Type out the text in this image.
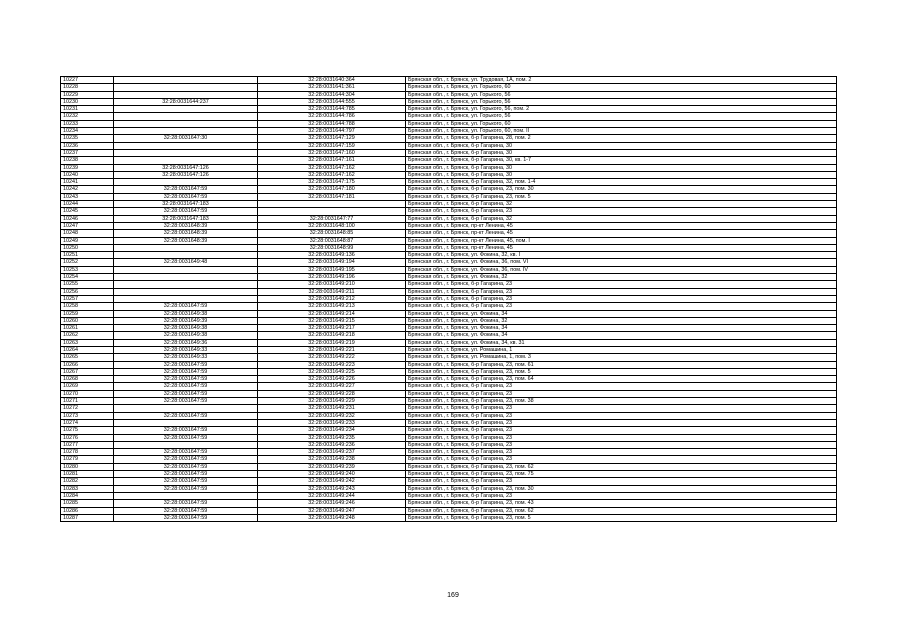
10227		32:28:0031640:364	Брянская обл., г. Брянск, ул. Трудовая, 1А, пом. 2
10228		32:28:0031641:361	Брянская обл., г. Брянск, ул. Горького, 60
10229		32:28:0031644:304	Брянская обл., г. Брянск, ул. Горького, 56
10230	32:28:0031644:237	32:28:0031644:555	Брянская обл., г. Брянск, ул. Горького, 56
10231		32:28:0031644:785	Брянская обл., г. Брянск, ул. Горького, 56, пом. 2
10232		32:28:0031644:786	Брянская обл., г. Брянск, ул. Горького, 56
10233		32:28:0031644:788	Брянская обл., г. Брянск, ул. Горького, 60
10234		32:28:0031644:797	Брянская обл., г. Брянск, ул. Горького, 60, пом. II
10235	32:28:0031647:30	32:28:0031647:129	Брянская обл., г. Брянск, б-р Гагарина, 28, пом. 2
10236		32:28:0031647:159	Брянская обл., г. Брянск, б-р Гагарина, 30
10237		32:28:0031647:160	Брянская обл., г. Брянск, б-р Гагарина, 30
10238		32:28:0031647:161	Брянская обл., г. Брянск, б-р Гагарина, 30, кв. 1-7
10239	32:28:0031647:126	32:28:0031647:162	Брянская обл., г. Брянск, б-р Гагарина, 30
10240	32:28:0031647:126	32:28:0031647:162	Брянская обл., г. Брянск, б-р Гагарина, 30
10241		32:28:0031647:175	Брянская обл., г. Брянск, б-р Гагарина, 32, пом. 1-4
10242	32:28:0031647:59	32:28:0031647:180	Брянская обл., г. Брянск, б-р Гагарина, 23, пом. 30
10243	32:28:0031647:59	32:28:0031647:181	Брянская обл., г. Брянск, б-р Гагарина, 23, пом. 5
10244	32:28:0031647:183		Брянская обл., г. Брянск, б-р Гагарина, 32
10245	32:28:0031647:59		Брянская обл., г. Брянск, б-р Гагарина, 23
10246	32:28:0031647:183	32:28:0031647:77	Брянская обл., г. Брянск, б-р Гагарина, 32
10247	32:28:0031648:39	32:28:0031648:100	Брянская обл., г. Брянск, пр-кт Ленина, 45
10248	32:28:0031648:39	32:28:0031648:85	Брянская обл., г. Брянск, пр-кт Ленина, 45
10249	32:28:0031648:39	32:28:0031648:87	Брянская обл., г. Брянск, пр-кт Ленина, 45, пом. I
10250		32:28:0031648:99	Брянская обл., г. Брянск, пр-кт Ленина, 45
10251		32:28:0031649:136	Брянская обл., г. Брянск, ул. Фокина, 32, кв. I
10252	32:28:0031649:48	32:28:0031649:194	Брянская обл., г. Брянск, ул. Фокина, 36, пом. VI
10253		32:28:0031649:195	Брянская обл., г. Брянск, ул. Фокина, 36, пом. IV
10254		32:28:0031649:196	Брянская обл., г. Брянск, ул. Фокина, 32
10255		32:28:0031649:210	Брянская обл., г. Брянск, б-р Гагарина, 23
10256		32:28:0031649:211	Брянская обл., г. Брянск, б-р Гагарина, 23
10257		32:28:0031649:212	Брянская обл., г. Брянск, б-р Гагарина, 23
10258	32:28:0031647:59	32:28:0031649:213	Брянская обл., г. Брянск, б-р Гагарина, 23
10259	32:28:0031649:38	32:28:0031649:214	Брянская обл., г. Брянск, ул. Фокина, 34
10260	32:28:0031649:39	32:28:0031649:215	Брянская обл., г. Брянск, ул. Фокина, 32
10261	32:28:0031649:38	32:28:0031649:217	Брянская обл., г. Брянск, ул. Фокина, 34
10262	32:28:0031649:38	32:28:0031649:218	Брянская обл., г. Брянск, ул. Фокина, 34
10263	32:28:0031649:36	32:28:0031649:219	Брянская обл., г. Брянск, ул. Фокина, 34, кв. 31
10264	32:28:0031649:33	32:28:0031649:221	Брянская обл., г. Брянск, ул. Ромашина, 1
10265	32:28:0031649:33	32:28:0031649:222	Брянская обл., г. Брянск, ул. Ромашина, 1, пом. 3
10266	32:28:0031647:59	32:28:0031649:223	Брянская обл., г. Брянск, б-р Гагарина, 23, пом. 61
10267	32:28:0031647:59	32:28:0031649:225	Брянская обл., г. Брянск, б-р Гагарина, 23, пом. 5
10268	32:28:0031647:59	32:28:0031649:226	Брянская обл., г. Брянск, б-р Гагарина, 23, пом. 64
10269	32:28:0031647:59	32:28:0031649:227	Брянская обл., г. Брянск, б-р Гагарина, 23
10270	32:28:0031647:59	32:28:0031649:228	Брянская обл., г. Брянск, б-р Гагарина, 23
10271	32:28:0031647:59	32:28:0031649:229	Брянская обл., г. Брянск, б-р Гагарина, 23, пом. 38
10272		32:28:0031649:231	Брянская обл., г. Брянск, б-р Гагарина, 23
10273	32:28:0031647:59	32:28:0031649:232	Брянская обл., г. Брянск, б-р Гагарина, 23
10274		32:28:0031649:233	Брянская обл., г. Брянск, б-р Гагарина, 23
10275	32:28:0031647:59	32:28:0031649:234	Брянская обл., г. Брянск, б-р Гагарина, 23
10276	32:28:0031647:59	32:28:0031649:235	Брянская обл., г. Брянск, б-р Гагарина, 23
10277		32:28:0031649:236	Брянская обл., г. Брянск, б-р Гагарина, 23
10278	32:28:0031647:59	32:28:0031649:237	Брянская обл., г. Брянск, б-р Гагарина, 23
10279	32:28:0031647:59	32:28:0031649:238	Брянская обл., г. Брянск, б-р Гагарина, 23
10280	32:28:0031647:59	32:28:0031649:239	Брянская обл., г. Брянск, б-р Гагарина, 23, пом. 62
10281	32:28:0031647:59	32:28:0031649:240	Брянская обл., г. Брянск, б-р Гагарина, 23, пом. 75
10282	32:28:0031647:59	32:28:0031649:242	Брянская обл., г. Брянск, б-р Гагарина, 23
10283	32:28:0031647:59	32:28:0031649:243	Брянская обл., г. Брянск, б-р Гагарина, 23, пом. 30
10284		32:28:0031649:244	Брянская обл., г. Брянск, б-р Гагарина, 23
10285	32:28:0031647:59	32:28:0031649:246	Брянская обл., г. Брянск, б-р Гагарина, 23, пом. 43
10286	32:28:0031647:59	32:28:0031649:247	Брянская обл., г. Брянск, б-р Гагарина, 23, пом. 62
10287	32:28:0031647:59	32:28:0031649:248	Брянская обл., г. Брянск, б-р Гагарина, 23, пом. 5
169
